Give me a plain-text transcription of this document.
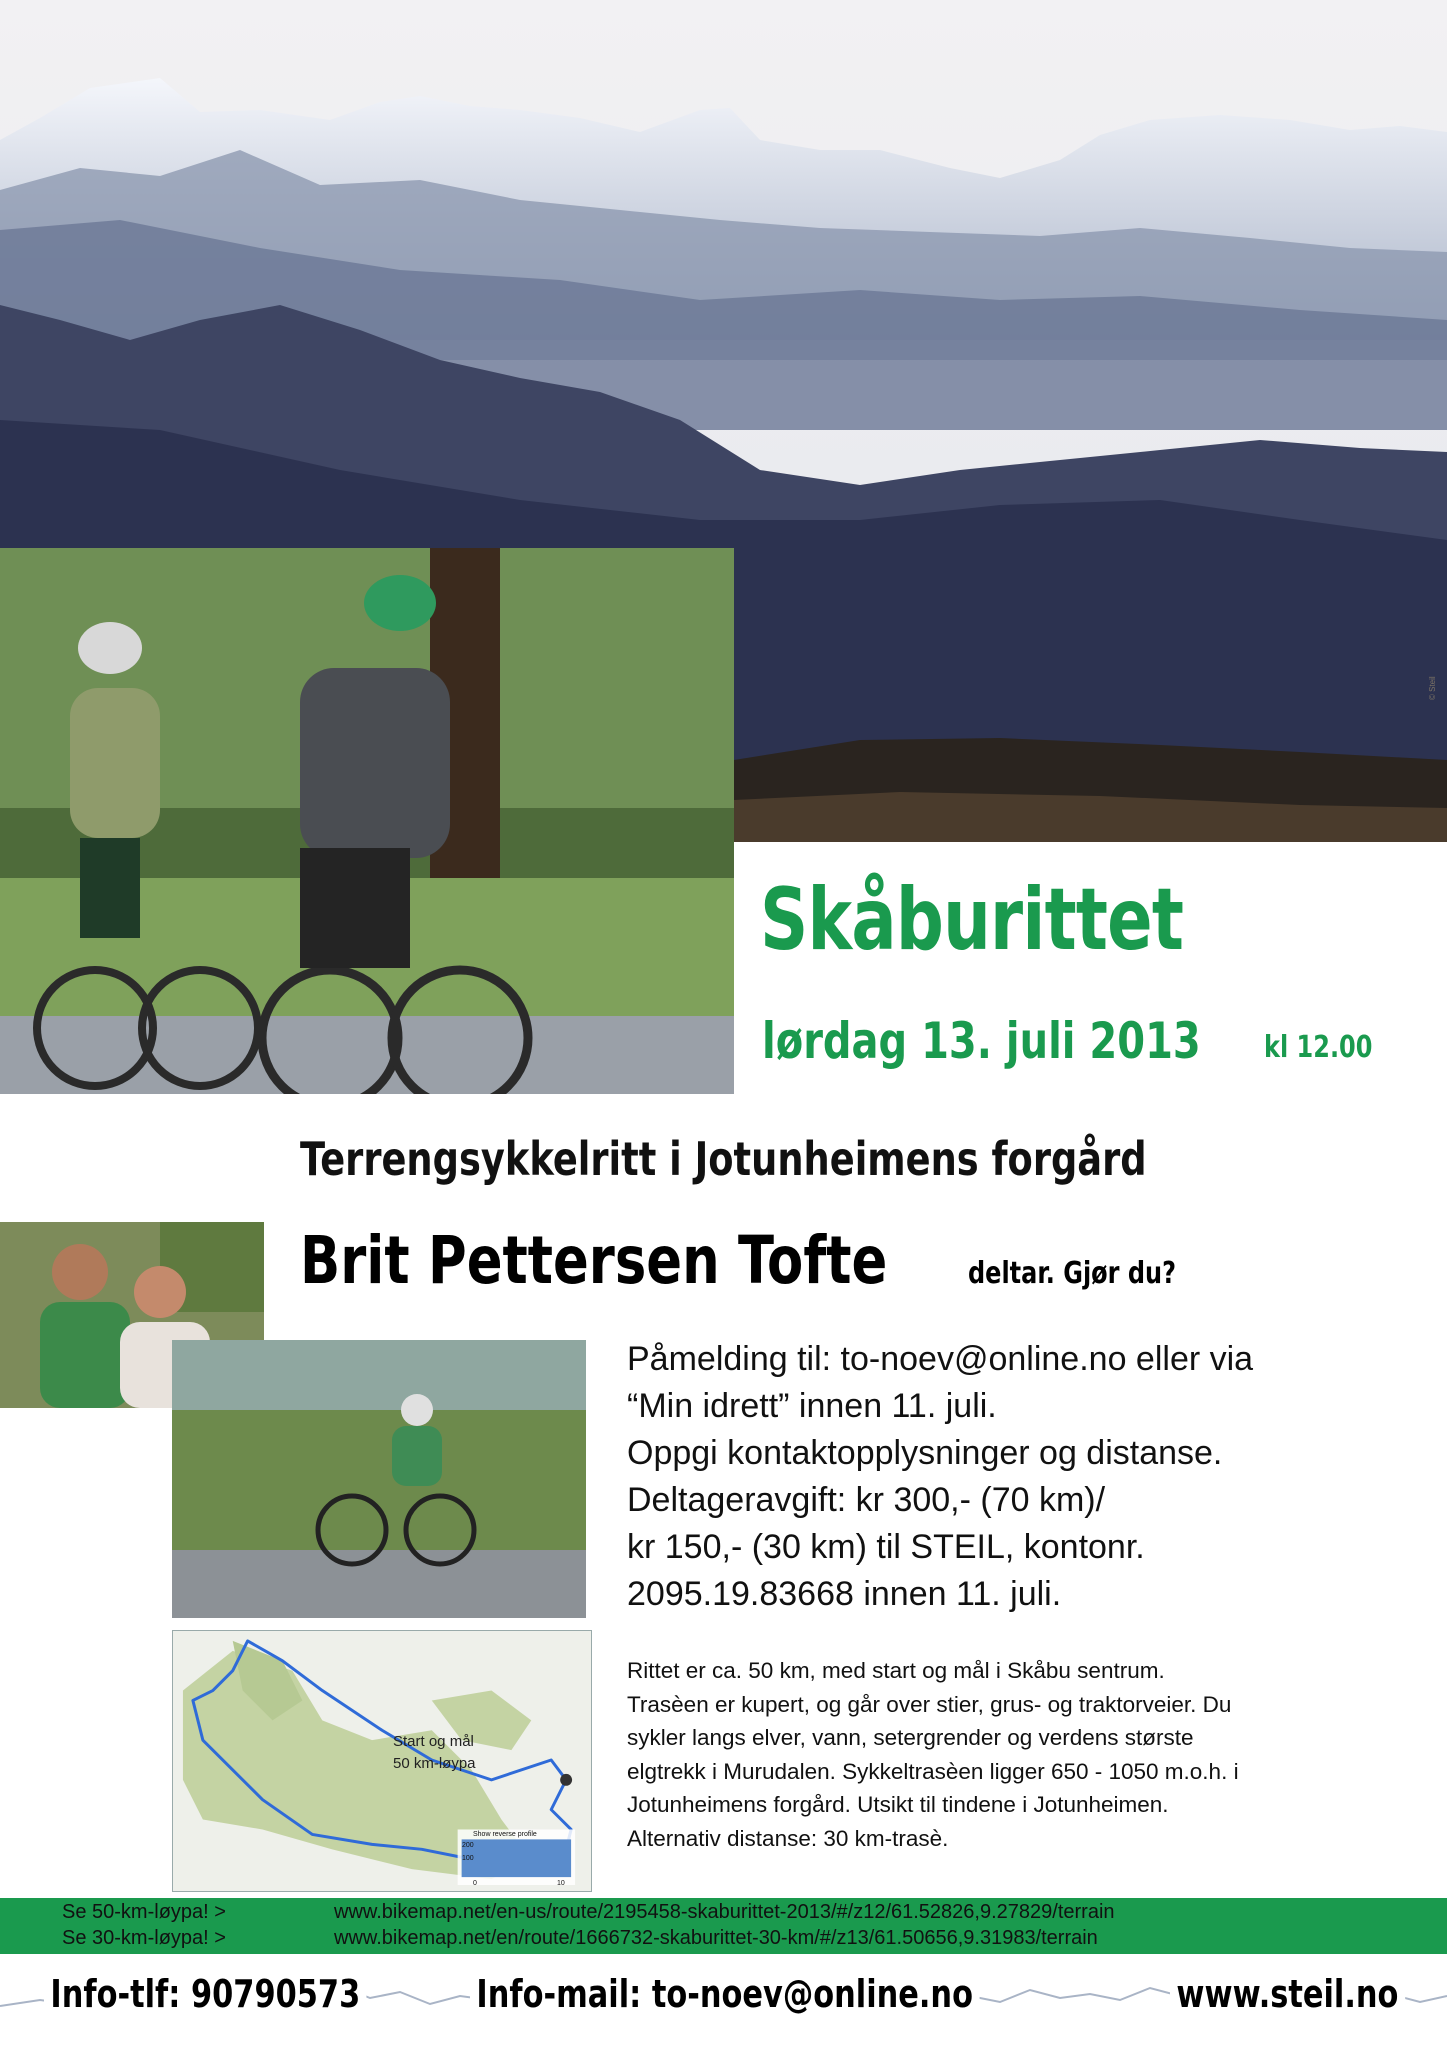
© Steil
Start og mål
50 km-løypa
Show reverse profile
200
100
0	10
Skåburittet
lørdag 13. juli 2013 kl 12.00
Terrengsykkelritt i Jotunheimens forgård
Brit Pettersen Tofte	deltar. Gjør du?

Påmelding til: to-noev@online.no eller via

“Min idrett” innen 11. juli.

Oppgi kontaktopplysninger og distanse.

Deltageravgift: kr 300,- (70 km)/

kr 150,- (30 km) til STEIL, kontonr.

2095.19.83668 innen 11. juli.

Rittet er ca. 50 km, med start og mål i Skåbu sentrum.

Trasèen er kupert, og går over stier, grus- og traktorveier. Du

sykler langs elver, vann, setergrender og verdens største

elgtrekk i Murudalen. Sykkeltrasèen ligger 650 - 1050 m.o.h. i

Jotunheimens forgård. Utsikt til tindene i Jotunheimen.

Alternativ distanse: 30 km-trasè.

Se 50-km-løypa! >	www.bikemap.net/en-us/route/2195458-skaburittet-2013/#/z12/61.52826,9.27829/terrain
Se 30-km-løypa! >	www.bikemap.net/en/route/1666732-skaburittet-30-km/#/z13/61.50656,9.31983/terrain
Info-tlf: 90790573	Info-mail: to-noev@online.no	www.steil.no
